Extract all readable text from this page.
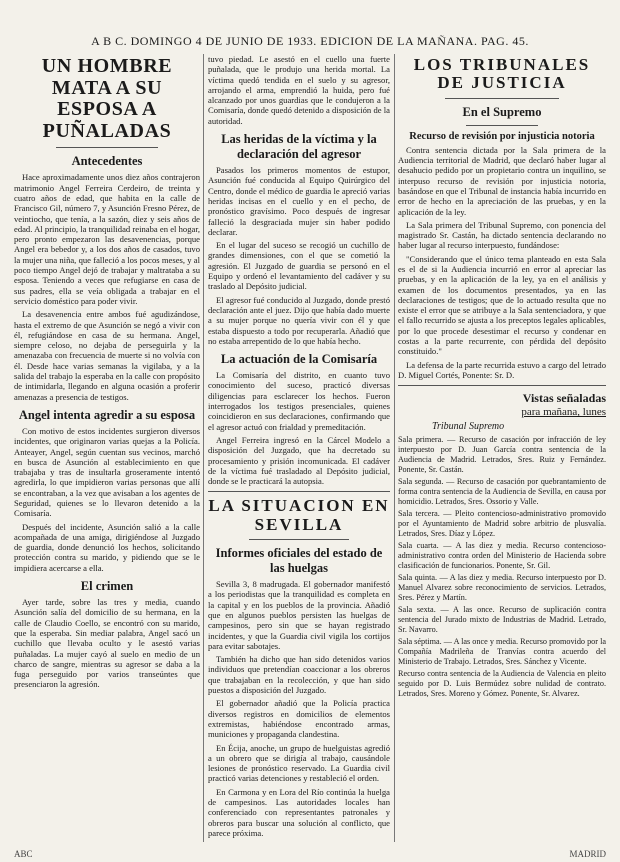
A B C. DOMINGO 4 DE JUNIO DE 1933. EDICION DE LA MAÑANA. PAG. 45.
UN HOMBRE MATA A SU ESPOSA A PUÑALADAS
Antecedentes

Hace aproximadamente unos diez años contrajeron matrimonio Angel Ferreira Cerdeiro, de treinta y cuatro años de edad, que habita en la calle de Francisco Gil, número 7, y Asunción Fresno Pérez, de veintiocho, que tenía, a la sazón, diez y seis años de edad. Al principio, la tranquilidad reinaba en el hogar, pero pronto empezaron las desavenencias, porque Angel era bebedor y, a los dos años de casados, tuvo la mujer una niña, que falleció a los pocos meses, y al poco tiempo Angel dejó de trabajar y maltrataba a su esposa. Teniendo a veces que refugiarse en casa de sus padres, ella se veía obligada a trabajar en el servicio doméstico para poder vivir.

La desavenencia entre ambos fué agudizándose, hasta el extremo de que Asunción se negó a vivir con él, refugiándose en casa de su hermana. Angel, siempre celoso, no dejaba de perseguirla y la amenazaba con frecuencia de muerte si no volvía con él. Desde hace varias semanas la vigilaba, y a la salida del trabajo la esperaba en la calle con propósito de intimidarla, llegando en alguna ocasión a proferir amenazas a presencia de testigos.

Angel intenta agredir a su esposa

Con motivo de estos incidentes surgieron diversos incidentes, que originaron varias quejas a la Policía. Anteayer, Angel, según cuentan sus vecinos, marchó en busca de Asunción al establecimiento en que trabajaba y tras de insultarla groseramente intentó agredirla, lo que impidieron varias personas que allí se encontraban, a la vez que avisaban a los agentes de Seguridad, quienes se lo llevaron detenido a la Comisaría.

Después del incidente, Asunción salió a la calle acompañada de una amiga, dirigiéndose al Juzgado de guardia, donde denunció los hechos, solicitando protección contra su marido, y pidiendo que se le impidiera acercarse a ella.

El crimen

Ayer tarde, sobre las tres y media, cuando Asunción salía del domicilio de su hermana, en la calle de Claudio Coello, se encontró con su marido, que la esperaba. Sin mediar palabra, Angel sacó un cuchillo que llevaba oculto y le asestó varias puñaladas. La mujer cayó al suelo en medio de un charco de sangre, mientras su agresor se daba a la fuga perseguido por varios transeúntes que presenciaron la agresión.

tuvo piedad. Le asestó en el cuello una fuerte puñalada, que le produjo una herida mortal. La víctima quedó tendida en el suelo y su agresor, arrojando el arma, emprendió la huida, pero fué alcanzado por unos guardias que le condujeron a la Comisaría, donde quedó detenido a disposición de la autoridad.

Las heridas de la víctima y la declaración del agresor

Pasados los primeros momentos de estupor, Asunción fué conducida al Equipo Quirúrgico del Centro, donde el médico de guardia le apreció varias heridas incisas en el cuello y en el pecho, de pronóstico gravísimo. Poco después de ingresar falleció la desgraciada mujer sin haber podido declarar.

En el lugar del suceso se recogió un cuchillo de grandes dimensiones, con el que se cometió la agresión. El Juzgado de guardia se personó en el Equipo y ordenó el levantamiento del cadáver y su traslado al Depósito judicial.

El agresor fué conducido al Juzgado, donde prestó declaración ante el juez. Dijo que había dado muerte a su mujer porque no quería vivir con él y que estaba dispuesto a todo por recuperarla. Añadió que no estaba arrepentido de lo que había hecho.

La actuación de la Comisaría

La Comisaría del distrito, en cuanto tuvo conocimiento del suceso, practicó diversas diligencias para esclarecer los hechos. Fueron interrogados los testigos presenciales, quienes coincidieron en sus declaraciones, confirmando que el agresor actuó con frialdad y premeditación.

Angel Ferreira ingresó en la Cárcel Modelo a disposición del Juzgado, que ha decretado su procesamiento y prisión incomunicada. El cadáver de la víctima fué trasladado al Depósito judicial, donde se le practicará la autopsia.

LA SITUACION EN SEVILLA
Informes oficiales del estado de las huelgas

Sevilla 3, 8 madrugada. El gobernador manifestó a los periodistas que la tranquilidad es completa en la capital y en los pueblos de la provincia. Añadió que en algunos pueblos persisten las huelgas de campesinos, pero sin que se hayan registrado incidentes, y que la Guardia civil vigila los cortijos para evitar sabotajes.

También ha dicho que han sido detenidos varios individuos que pretendían coaccionar a los obreros que trabajaban en la recolección, y que han sido puestos a disposición del Juzgado.

El gobernador añadió que la Policía practica diversos registros en domicilios de elementos extremistas, habiéndose encontrado armas, municiones y propaganda clandestina.

En Écija, anoche, un grupo de huelguistas agredió a un obrero que se dirigía al trabajo, causándole lesiones de pronóstico reservado. La Guardia civil practicó varias detenciones y restableció el orden.

En Carmona y en Lora del Río continúa la huelga de campesinos. Las autoridades locales han conferenciado con representantes patronales y obreros para buscar una solución al conflicto, que parece próxima.

LOS TRIBUNALES DE JUSTICIA
En el Supremo
Recurso de revisión por injusticia notoria

Contra sentencia dictada por la Sala primera de la Audiencia territorial de Madrid, que declaró haber lugar al desahucio pedido por un propietario contra un inquilino, se interpuso recurso de revisión por injusticia notoria, basándose en que el Tribunal de instancia había incurrido en error de hecho en la apreciación de las pruebas, y en la aplicación de la ley.

La Sala primera del Tribunal Supremo, con ponencia del magistrado Sr. Castán, ha dictado sentencia declarando no haber lugar al recurso interpuesto, fundándose:

"Considerando que el único tema planteado en esta Sala es el de si la Audiencia incurrió en error al apreciar las pruebas, y en la aplicación de la ley, ya en el análisis y examen de los documentos presentados, ya en las declaraciones de testigos; que de lo actuado resulta que no existe el error que se atribuye a la Sala sentenciadora, y que el fallo recurrido se ajusta a los preceptos legales aplicables, por lo que procede desestimar el recurso y condenar en costas a la parte recurrente, con pérdida del depósito constituido."

La defensa de la parte recurrida estuvo a cargo del letrado D. Miguel Cortés, Ponente: Sr. D.

Vistas señaladas
para mañana, lunes
Tribunal Supremo

Sala primera. — Recurso de casación por infracción de ley interpuesto por D. Juan García contra sentencia de la Audiencia de Madrid. Letrados, Sres. Ruiz y Fernández. Ponente, Sr. Castán.

Sala segunda. — Recurso de casación por quebrantamiento de forma contra sentencia de la Audiencia de Sevilla, en causa por homicidio. Letrados, Sres. Ossorio y Valle.

Sala tercera. — Pleito contencioso-administrativo promovido por el Ayuntamiento de Madrid sobre arbitrio de plusvalía. Letrados, Sres. Díaz y López.

Sala cuarta. — A las diez y media. Recurso contencioso-administrativo contra orden del Ministerio de Hacienda sobre clasificación de funcionarios. Ponente, Sr. Gil.

Sala quinta. — A las diez y media. Recurso interpuesto por D. Manuel Alvarez sobre reconocimiento de servicios. Letrados, Sres. Pérez y Martín.

Sala sexta. — A las once. Recurso de suplicación contra sentencia del Jurado mixto de Industrias de Madrid. Letrado, Sr. Navarro.

Sala séptima. — A las once y media. Recurso promovido por la Compañía Madrileña de Tranvías contra acuerdo del Ministerio de Trabajo. Letrados, Sres. Sánchez y Vicente.

Recurso contra sentencia de la Audiencia de Valencia en pleito seguido por D. Luis Bermúdez sobre nulidad de contrato. Letrados, Sres. Moreno y Gómez. Ponente, Sr. Alvarez.

ABC	MADRID
